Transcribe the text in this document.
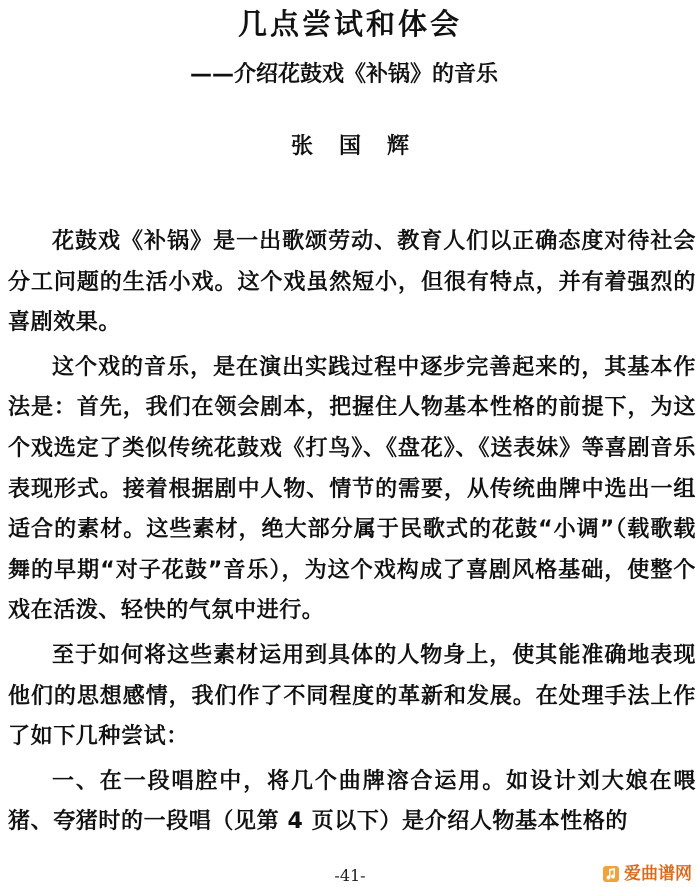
几点尝试和体会
——介绍花鼓戏《补锅》的音乐
张国辉

花鼓戏《补锅》是一出歌颂劳动、教育人们以正确态度对待社会分工问题的生活小戏。这个戏虽然短小，但很有特点，并有着强烈的喜剧效果。

这个戏的音乐，是在演出实践过程中逐步完善起来的，其基本作法是：首先，我们在领会剧本，把握住人物基本性格的前提下，为这个戏选定了类似传统花鼓戏《打鸟》、《盘花》、《送表妹》等喜剧音乐表现形式。接着根据剧中人物、情节的需要，从传统曲牌中选出一组适合的素材。这些素材，绝大部分属于民歌式的花鼓“小调”（载歌载舞的早期“对子花鼓”音乐），为这个戏构成了喜剧风格基础，使整个戏在活泼、轻快的气氛中进行。

至于如何将这些素材运用到具体的人物身上，使其能准确地表现他们的思想感情，我们作了不同程度的革新和发展。在处理手法上作了如下几种尝试：

一、在一段唱腔中，将几个曲牌溶合运用。如设计刘大娘在喂猪、夸猪时的一段唱（见第 4 页以下）是介绍人物基本性格的

-41-	爱曲谱网
